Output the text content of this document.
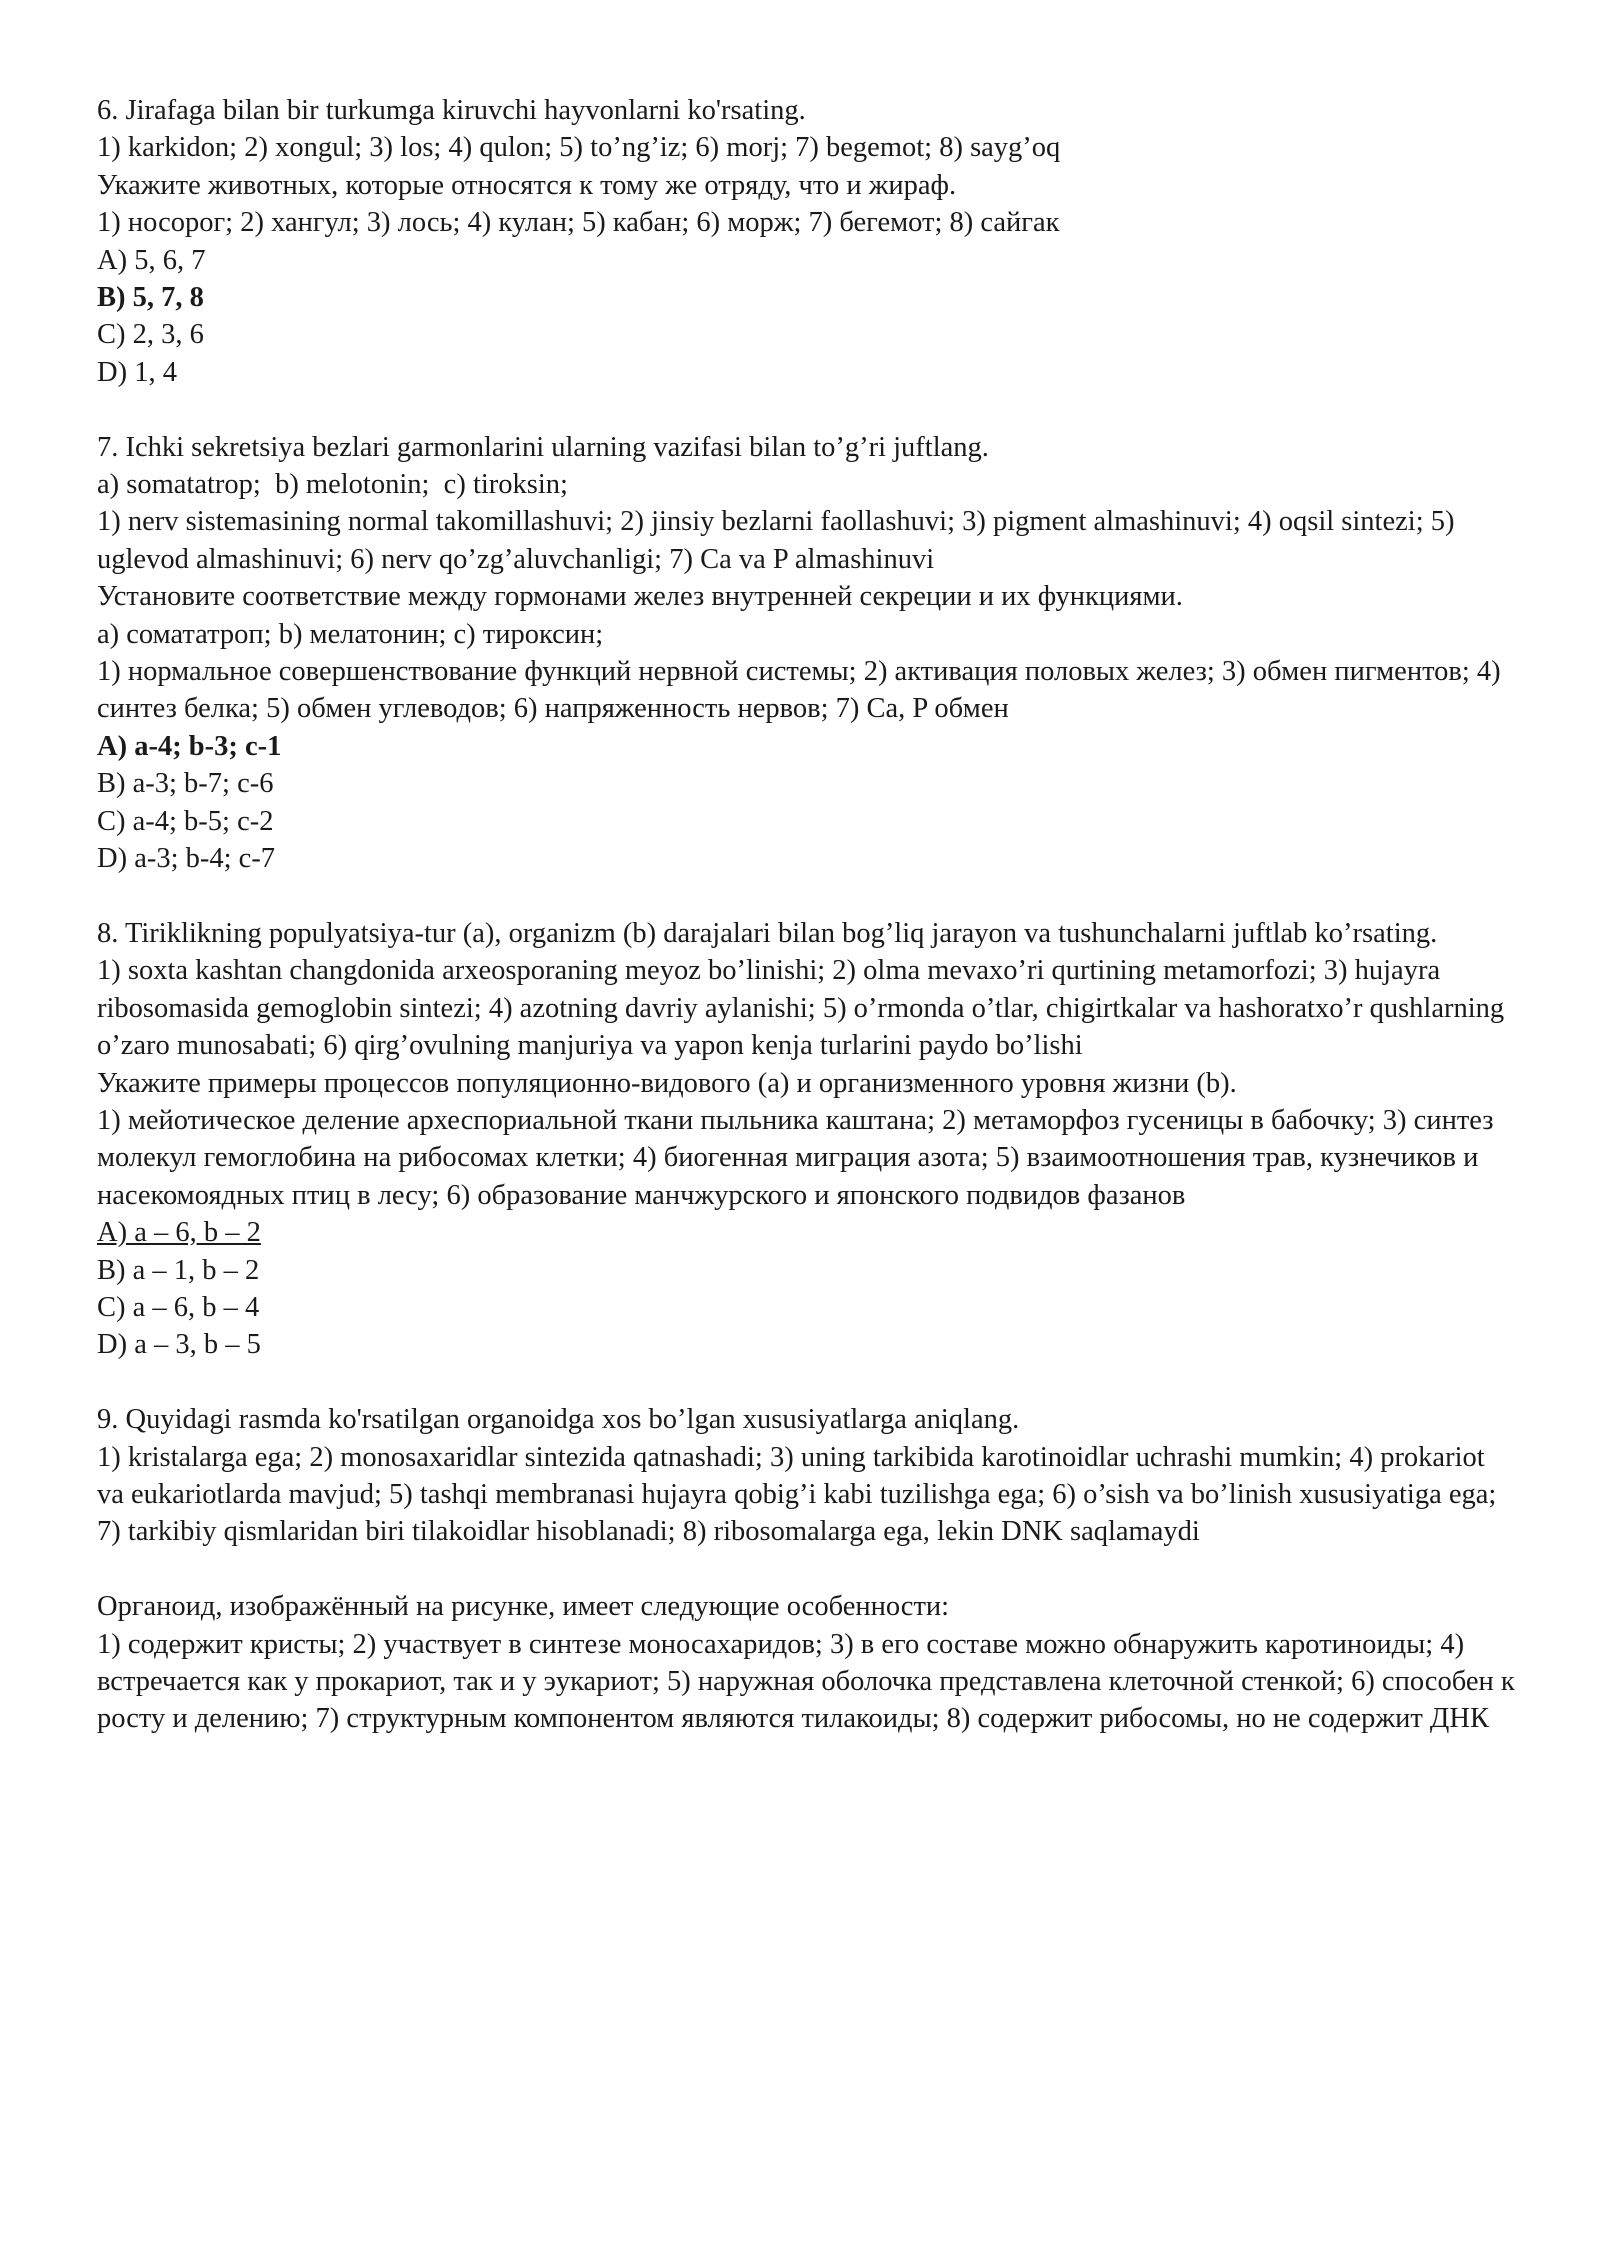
6. Jirafaga bilan bir turkumga kiruvchi hayvonlarni ko'rsating.
1) karkidon; 2) xongul; 3) los; 4) qulon; 5) to’ng’iz; 6) morj; 7) begemot; 8) sayg’oq
Укажите животных, которые относятся к тому же отряду, что и жираф.
1) носорог; 2) хангул; 3) лось; 4) кулан; 5) кабан; 6) морж; 7) бегемот; 8) сайгак
A) 5, 6, 7
B) 5, 7, 8
C) 2, 3, 6
D) 1, 4
7. Ichki sekretsiya bezlari garmonlarini ularning vazifasi bilan to’g’ri juftlang.
a) somatatrop;  b) melotonin;  c) tiroksin;
1) nerv sistemasining normal takomillashuvi; 2) jinsiy bezlarni faollashuvi; 3) pigment almashinuvi; 4) oqsil sintezi; 5) uglevod almashinuvi; 6) nerv qo’zg’aluvchanligi; 7) Ca va P almashinuvi
Установите соответствие между гормонами желез внутренней секреции и их функциями.
а) сомататроп; b) мелатонин; c) тироксин;
1) нормальное совершенствование функций нервной системы; 2) активация половых желез; 3) обмен пигментов; 4) синтез белка; 5) обмен углеводов; 6) напряженность нервов; 7) Ca, P обмен
A) a-4; b-3; c-1
B) a-3; b-7; c-6
C) a-4; b-5; c-2
D) a-3; b-4; c-7
8. Tiriklikning populyatsiya-tur (a), organizm (b) darajalari bilan bog’liq jarayon va tushunchalarni juftlab ko’rsating.
1) soxta kashtan changdonida arxeosporaning meyoz bo’linishi; 2) olma mevaxo’ri qurtining metamorfozi; 3) hujayra ribosomasida gemoglobin sintezi; 4) azotning davriy aylanishi; 5) o’rmonda o’tlar, chigirtkalar va hashoratxo’r qushlarning o’zaro munosabati; 6) qirg’ovulning manjuriya va yapon kenja turlarini paydo bo’lishi
Укажите примеры процессов популяционно-видового (а) и организменного уровня жизни (b).
1) мейотическое деление археспориальной ткани пыльника каштана; 2) метаморфоз гусеницы в бабочку; 3) синтез молекул гемоглобина на рибосомах клетки; 4) биогенная миграция азота; 5) взаимоотношения трав, кузнечиков и насекомоядных птиц в лесу; 6) образование манчжурского и японского подвидов фазанов
A) a – 6, b – 2
B) a – 1, b – 2
C) a – 6, b – 4
D) a – 3, b – 5
9. Quyidagi rasmda ko'rsatilgan organoidga xos bo’lgan xususiyatlarga aniqlang.
1) kristalarga ega; 2) monosaxaridlar sintezida qatnashadi; 3) uning tarkibida karotinoidlar uchrashi mumkin; 4) prokariot va eukariotlarda mavjud; 5) tashqi membranasi hujayra qobig’i kabi tuzilishga ega; 6) o’sish va bo’linish xususiyatiga ega; 7) tarkibiy qismlaridan biri tilakoidlar hisoblanadi; 8) ribosomalarga ega, lekin DNK saqlamaydi
Органоид, изображённый на рисунке, имеет следующие особенности:
1) содержит кристы; 2) участвует в синтезе моносахаридов; 3) в его составе можно обнаружить каротиноиды; 4) встречается как у прокариот, так и у эукариот; 5) наружная оболочка представлена клеточной стенкой; 6) способен к росту и делению; 7) структурным компонентом являются тилакоиды; 8) содержит рибосомы, но не содержит ДНК
